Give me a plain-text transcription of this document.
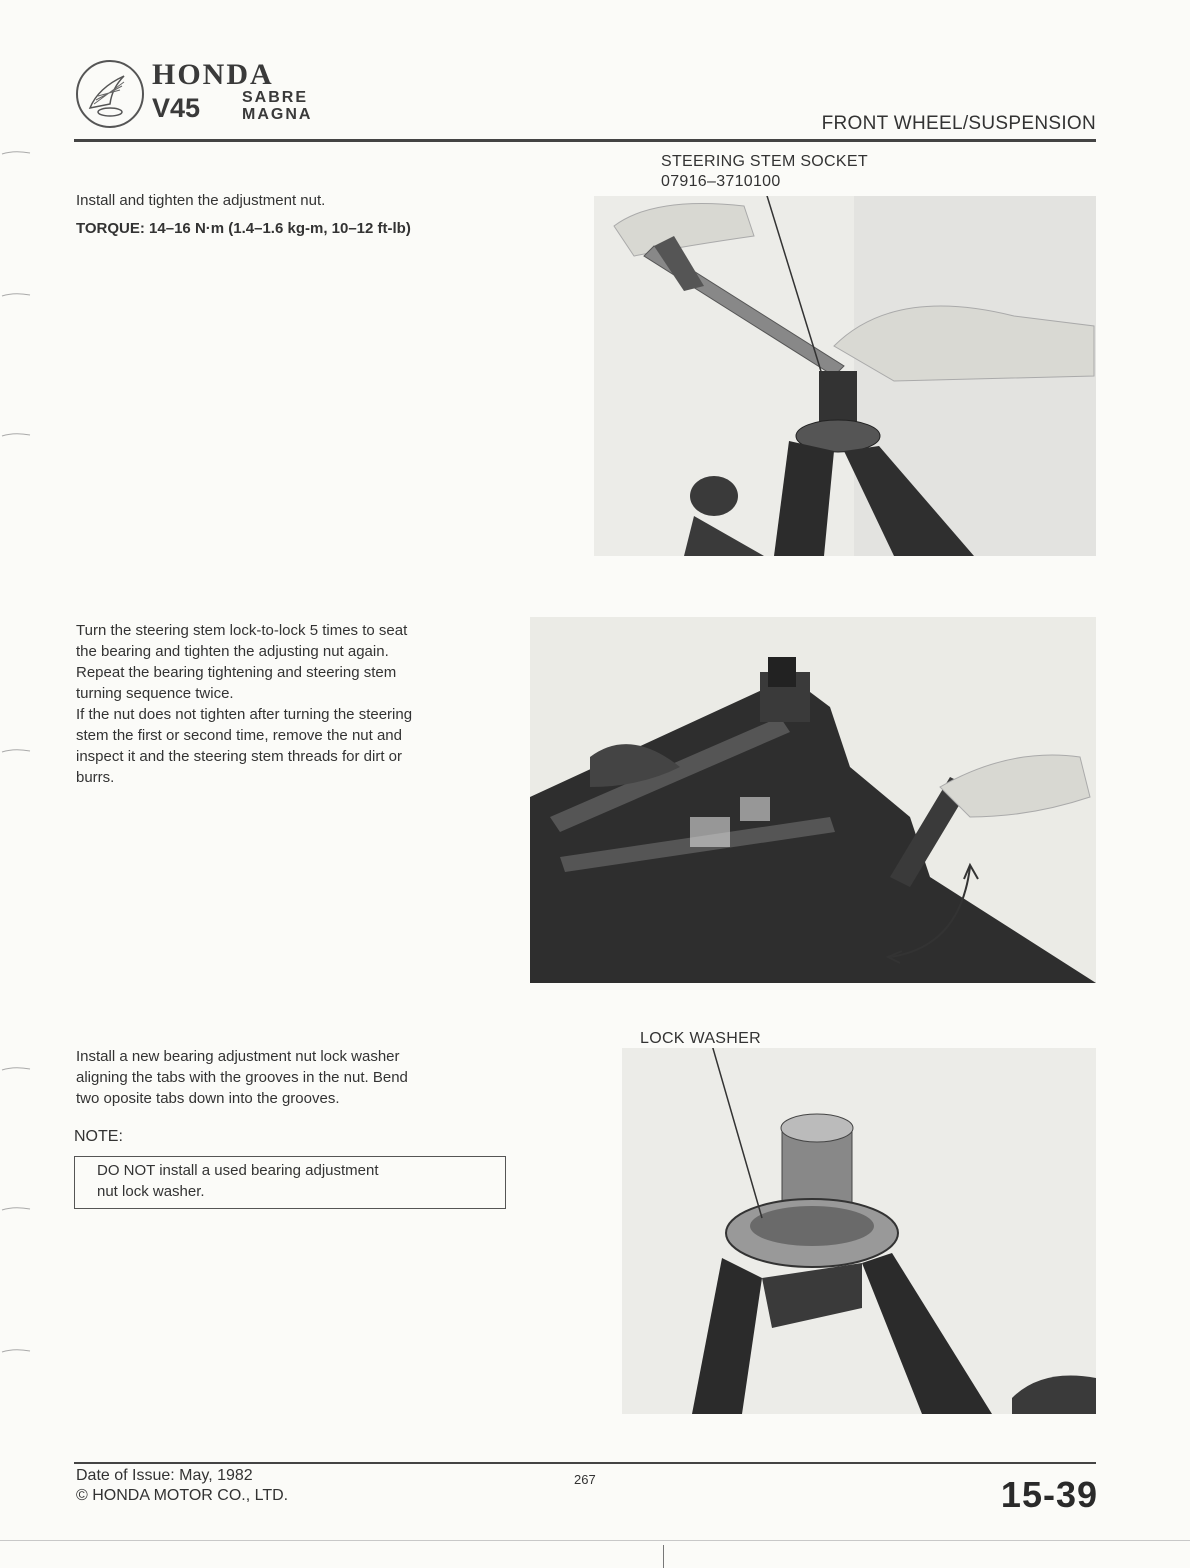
HONDA
V45	SABRE
MAGNA	FRONT WHEEL/SUSPENSION
Install and tighten the adjustment nut.
TORQUE: 14–16 N·m (1.4–1.6 kg-m, 10–12 ft-lb)
STEERING STEM SOCKET
07916–3710100
Turn the steering stem lock-to-lock 5 times to seat
the bearing and tighten the adjusting nut again.
Repeat the bearing tightening and steering stem
turning sequence twice.
If the nut does not tighten after turning the steering
stem the first or second time, remove the nut and
inspect it and the steering stem threads for dirt or
burrs.
Install a new bearing adjustment nut lock washer
aligning the tabs with the grooves in the nut. Bend
two oposite tabs down into the grooves.
NOTE:
DO NOT install a used bearing adjustment
nut lock washer.
LOCK WASHER
Date of Issue: May, 1982
© HONDA MOTOR CO., LTD.
267	15-39
